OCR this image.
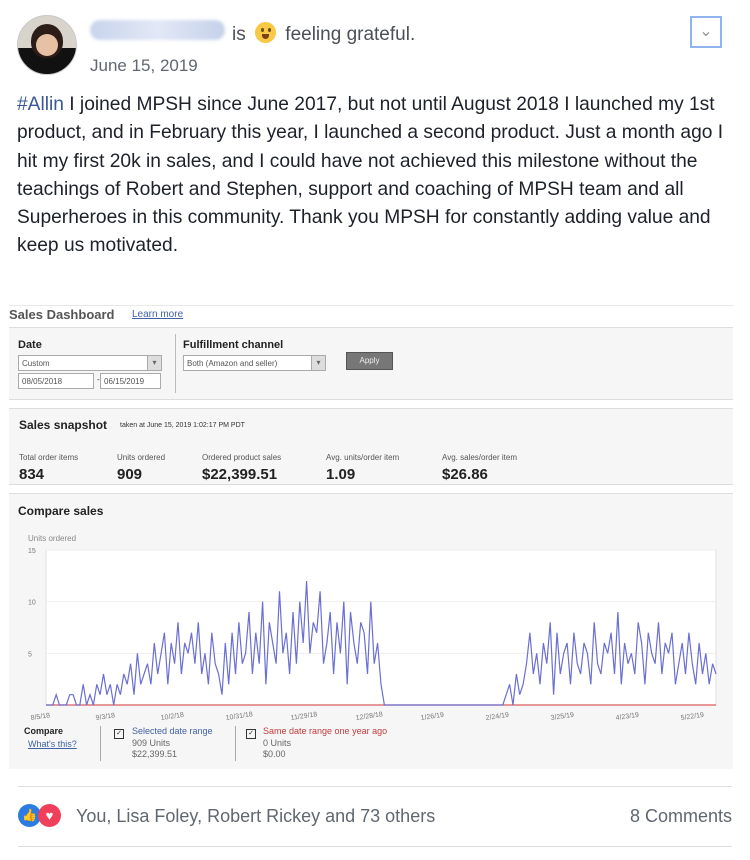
is feeling grateful.
June 15, 2019
⌄
#Allin I joined MPSH since June 2017, but not until August 2018 I launched my 1st product, and in February this year, I launched a second product. Just a month ago I hit my first 20k in sales, and I could have not achieved this milestone without the teachings of Robert and Stephen, support and coaching of MPSH team and all Superheroes in this community. Thank you MPSH for constantly adding value and keep us motivated.
Sales Dashboard Learn more
Date
Custom	▾
08/05/2018	- 06/15/2019
Fulfillment channel
Both (Amazon and seller)	▾	Apply
Sales snapshot taken at June 15, 2019 1:02:17 PM PDT
Total order items
834
Units ordered
909
Ordered product sales
$22,399.51
Avg. units/order item
1.09
Avg. sales/order item
$26.86
Compare sales
Units ordered
15
10
5
8/5/18	9/3/18	10/2/18	10/31/18	11/29/18	12/28/18	1/26/19	2/24/19	3/25/19	4/23/19	5/22/19
Compare
What's this?
✓ Selected date range
909 Units
$22,399.51
✓ Same date range one year ago
0 Units
$0.00
👍 ♥	You, Lisa Foley, Robert Rickey and 73 others	8 Comments
